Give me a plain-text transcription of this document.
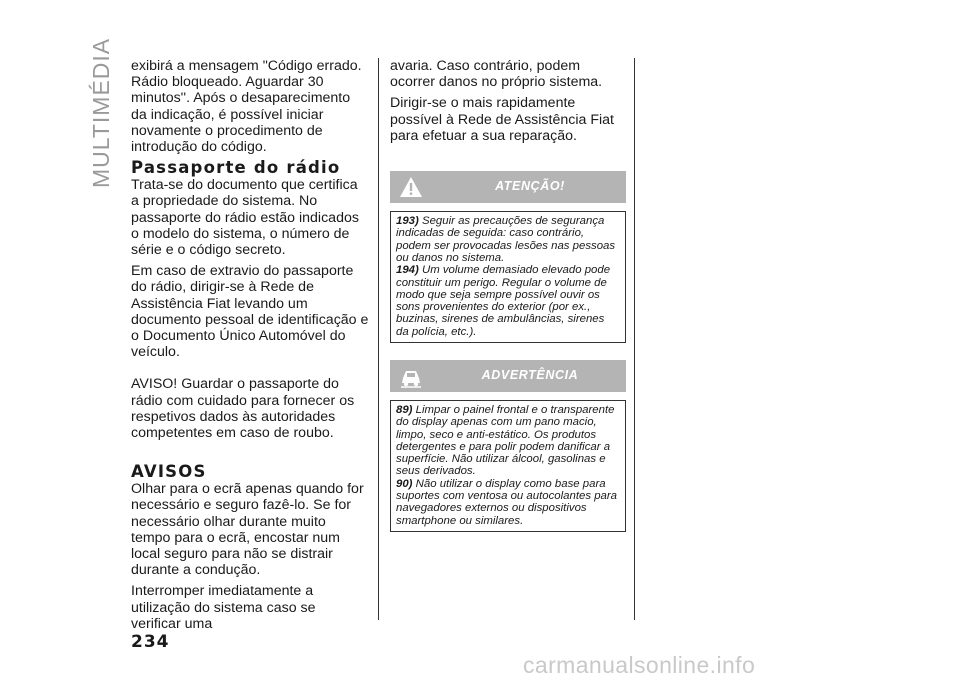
MULTIMÉDIA exibirá a mensagem "Código errado. Rádio bloqueado. Aguardar 30 minutos''. Após o desaparecimento da indicação, é possível iniciar novamente o procedimento de introdução do código.

Passaporte do rádio

Trata-se do documento que certifica a propriedade do sistema. No passaporte do rádio estão indicados o modelo do sistema, o número de série e o código secreto.

Em caso de extravio do passaporte do rádio, dirigir-se à Rede de Assistência Fiat levando um documento pessoal de identificação e o Documento Único Automóvel do veículo.

AVISO! Guardar o passaporte do rádio com cuidado para fornecer os respetivos dados às autoridades competentes em caso de roubo.

AVISOS

Olhar para o ecrã apenas quando for necessário e seguro fazê-lo. Se for necessário olhar durante muito tempo para o ecrã, encostar num local seguro para não se distrair durante a condução.

Interromper imediatamente a utilização do sistema caso se verificar uma

avaria. Caso contrário, podem ocorrer danos no próprio sistema.

Dirigir-se o mais rapidamente possível à Rede de Assistência Fiat para efetuar a sua reparação.

ATENÇÃO!

193) Seguir as precauções de segurança indicadas de seguida: caso contrário, podem ser provocadas lesões nas pessoas ou danos no sistema.

194) Um volume demasiado elevado pode constituir um perigo. Regular o volume de modo que seja sempre possível ouvir os sons provenientes do exterior (por ex., buzinas, sirenes de ambulâncias, sirenes da polícia, etc.).

ADVERTÊNCIA

89) Limpar o painel frontal e o transparente do display apenas com um pano macio, limpo, seco e anti-estático. Os produtos detergentes e para polir podem danificar a superfície. Não utilizar álcool, gasolinas e seus derivados.

90) Não utilizar o display como base para suportes com ventosa ou autocolantes para navegadores externos ou dispositivos smartphone ou similares.

234
carmanualsonline.info
